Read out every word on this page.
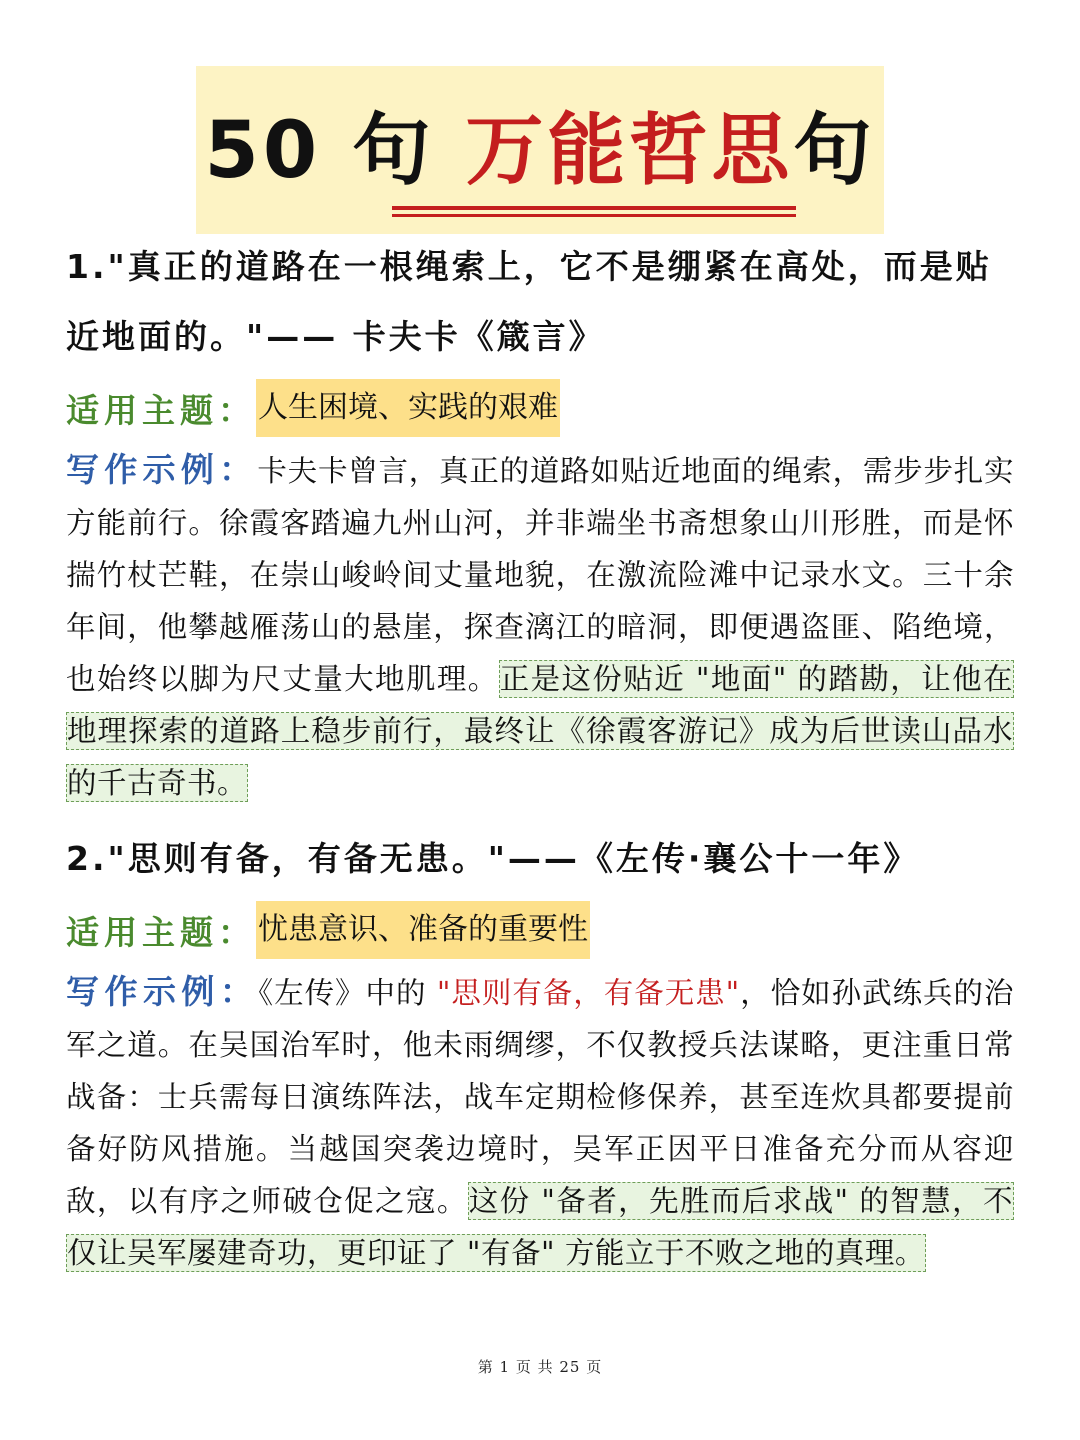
50 句 万能哲思句

1."真正的道路在一根绳索上，它不是绷紧在高处，而是贴近地面的。"—— 卡夫卡《箴言》

适用主题： 人生困境、实践的艰难

写作示例：卡夫卡曾言，真正的道路如贴近地面的绳索，需步步扎实方能前行。徐霞客踏遍九州山河，并非端坐书斋想象山川形胜，而是怀揣竹杖芒鞋，在崇山峻岭间丈量地貌，在激流险滩中记录水文。三十余年间，他攀越雁荡山的悬崖，探查漓江的暗洞，即便遇盗匪、陷绝境，也始终以脚为尺丈量大地肌理。正是这份贴近 "地面" 的踏勘，让他在地理探索的道路上稳步前行，最终让《徐霞客游记》成为后世读山品水的千古奇书。

2."思则有备，有备无患。"——《左传·襄公十一年》

适用主题： 忧患意识、准备的重要性

写作示例：《左传》中的 "思则有备，有备无患"，恰如孙武练兵的治军之道。在吴国治军时，他未雨绸缪，不仅教授兵法谋略，更注重日常战备：士兵需每日演练阵法，战车定期检修保养，甚至连炊具都要提前备好防风措施。当越国突袭边境时，吴军正因平日准备充分而从容迎敌，以有序之师破仓促之寇。这份 "备者，先胜而后求战" 的智慧，不仅让吴军屡建奇功，更印证了 "有备" 方能立于不败之地的真理。

第 1 页 共 25 页
